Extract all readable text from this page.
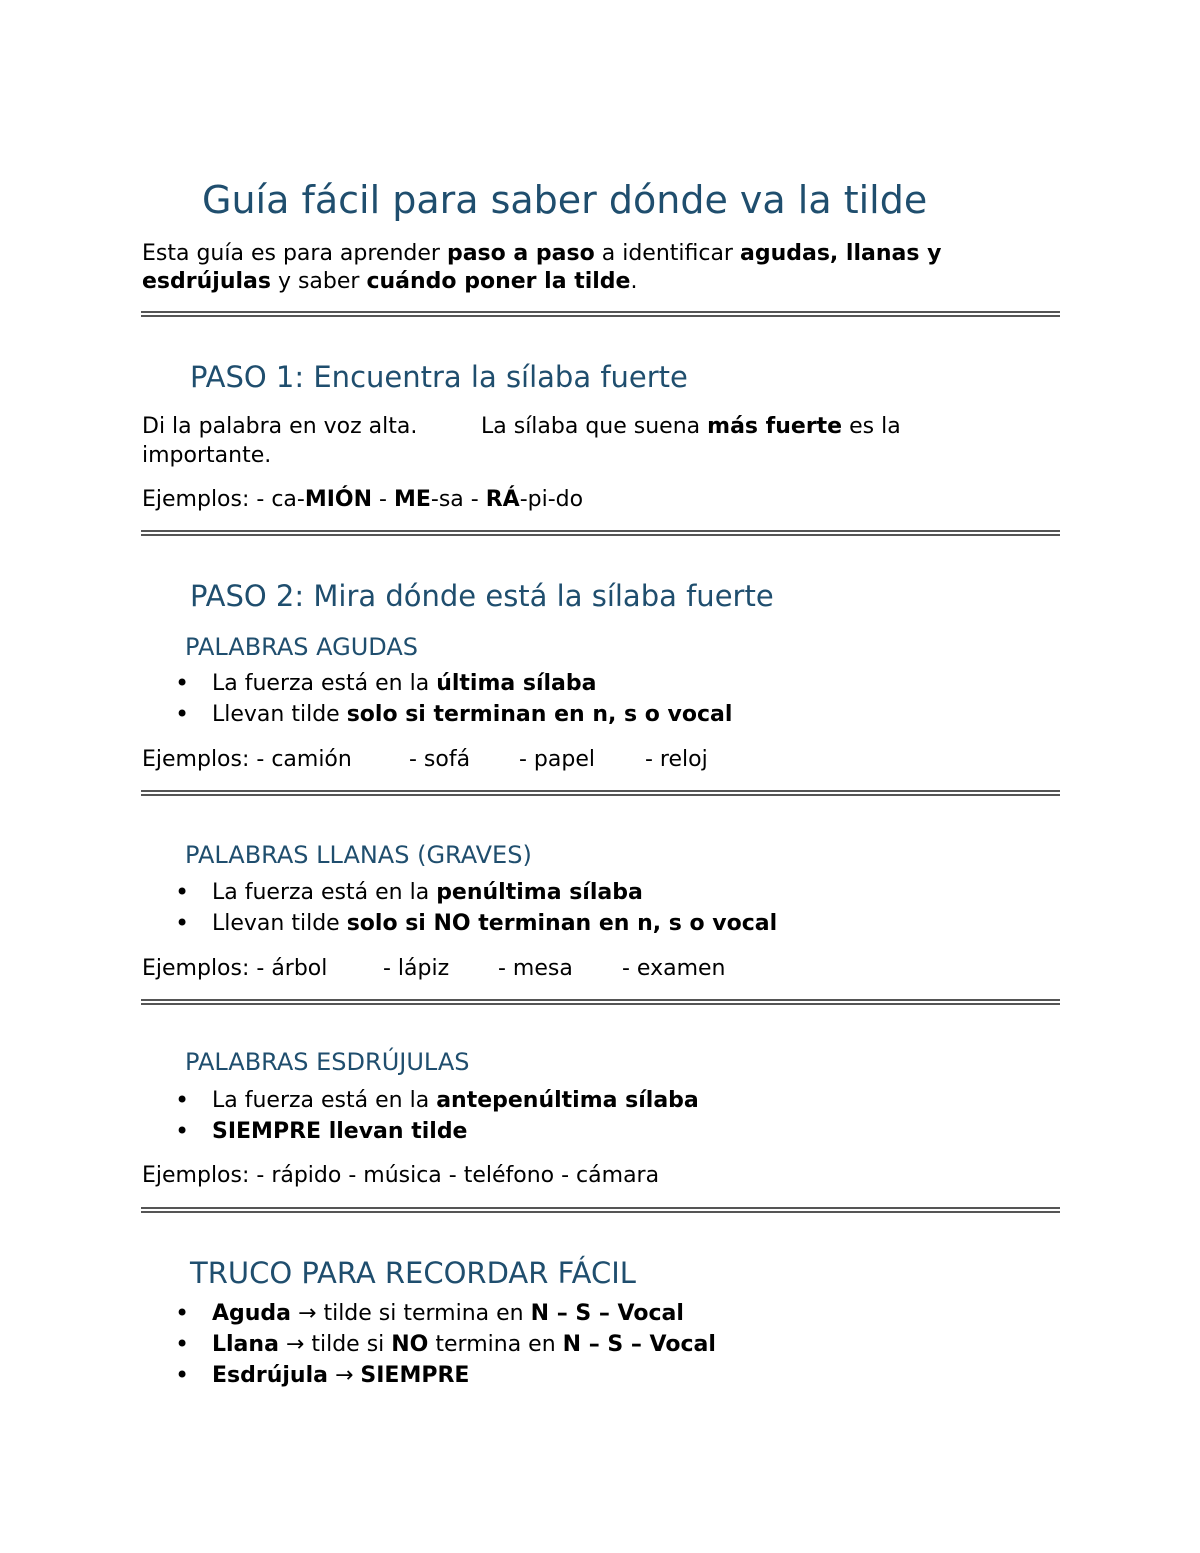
Guía fácil para saber dónde va la tilde

Esta guía es para aprender paso a paso a identificar agudas, llanas y

esdrújulas y saber cuándo poner la tilde.

PASO 1: Encuentra la sílaba fuerte

Di la palabra en voz alta.	La sílaba que suena más fuerte es la

importante.

Ejemplos: - ca-MIÓN - ME-sa - RÁ-pi-do

PASO 2: Mira dónde está la sílaba fuerte
PALABRAS AGUDAS
• La fuerza está en la última sílaba
• Llevan tilde solo si terminan en n, s o vocal

Ejemplos: - camión	- sofá - papel - reloj

PALABRAS LLANAS (GRAVES)
• La fuerza está en la penúltima sílaba
• Llevan tilde solo si NO terminan en n, s o vocal

Ejemplos: - árbol	- lápiz - mesa - examen

PALABRAS ESDRÚJULAS
• La fuerza está en la antepenúltima sílaba
• SIEMPRE llevan tilde

Ejemplos: - rápido - música - teléfono - cámara

TRUCO PARA RECORDAR FÁCIL
• Aguda → tilde si termina en N – S – Vocal
• Llana → tilde si NO termina en N – S – Vocal
• Esdrújula → SIEMPRE
